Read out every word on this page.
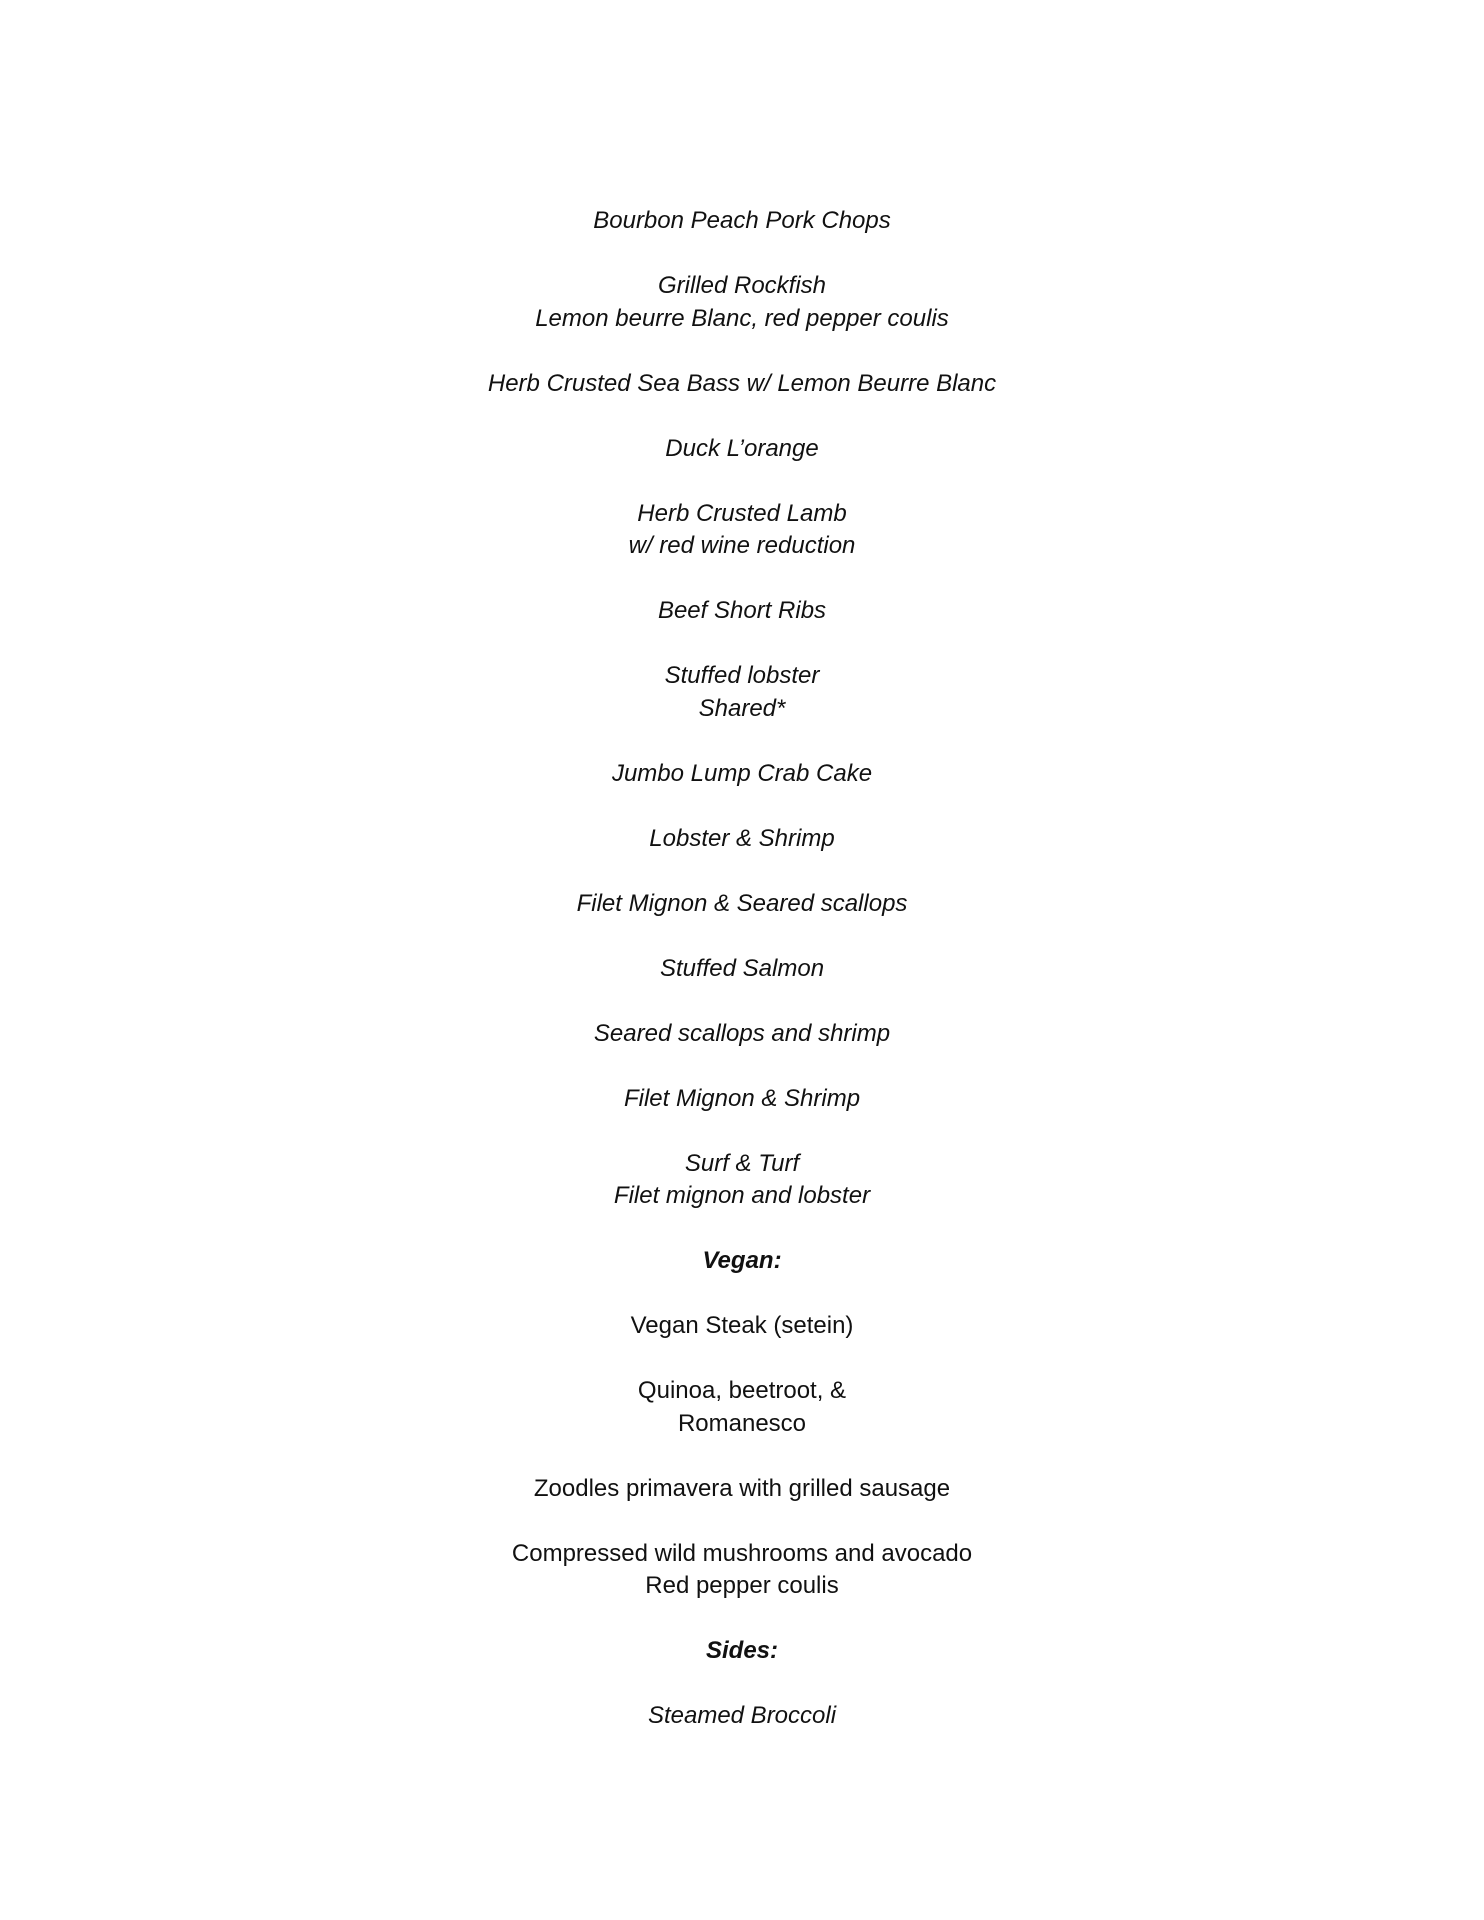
Bourbon Peach Pork Chops
Grilled Rockfish
Lemon beurre Blanc, red pepper coulis
Herb Crusted Sea Bass w/ Lemon Beurre Blanc
Duck L’orange
Herb Crusted Lamb
w/ red wine reduction
Beef Short Ribs
Stuffed lobster
Shared*
Jumbo Lump Crab Cake
Lobster & Shrimp
Filet Mignon & Seared scallops
Stuffed Salmon
Seared scallops and shrimp
Filet Mignon & Shrimp
Surf & Turf
Filet mignon and lobster
Vegan:
Vegan Steak (setein)
Quinoa, beetroot, &
Romanesco
Zoodles primavera with grilled sausage
Compressed wild mushrooms and avocado
Red pepper coulis
Sides:
Steamed Broccoli
